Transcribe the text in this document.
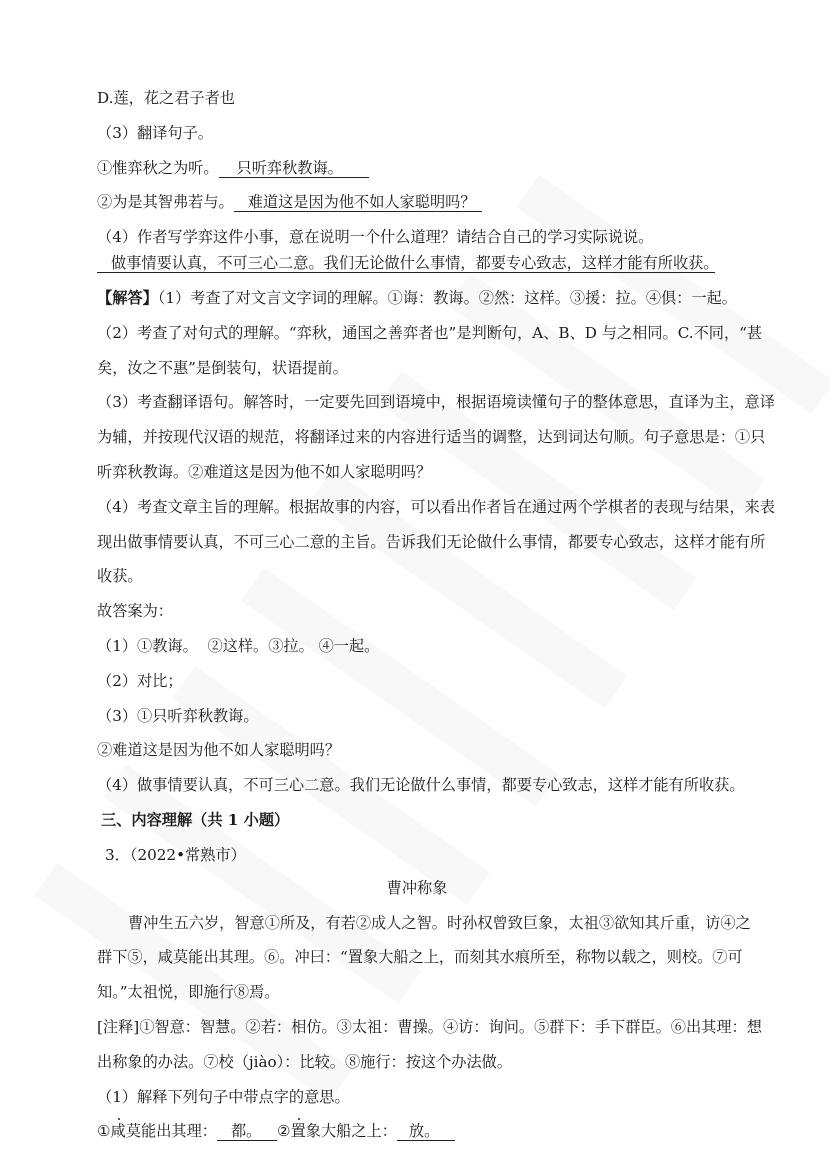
D.莲，花之君子者也
（3）翻译句子。
①惟弈秋之为听。 只听弈秋教诲。
②为是其智弗若与。 难道这是因为他不如人家聪明吗？
（4）作者写学弈这件小事，意在说明一个什么道理？请结合自己的学习实际说说。
做事情要认真，不可三心二意。我们无论做什么事情，都要专心致志，这样才能有所收获。
【解答】（1）考查了对文言文字词的理解。①诲：教诲。②然：这样。③援：拉。④俱：一起。
（2）考查了对句式的理解。“弈秋，通国之善弈者也”是判断句，A、B、D 与之相同。C.不同，“甚
矣，汝之不惠”是倒装句，状语提前。
（3）考查翻译语句。解答时，一定要先回到语境中，根据语境读懂句子的整体意思，直译为主，意译
为辅，并按现代汉语的规范，将翻译过来的内容进行适当的调整，达到词达句顺。句子意思是：①只
听弈秋教诲。②难道这是因为他不如人家聪明吗？
（4）考查文章主旨的理解。根据故事的内容，可以看出作者旨在通过两个学棋者的表现与结果，来表
现出做事情要认真，不可三心二意的主旨。告诉我们无论做什么事情，都要专心致志，这样才能有所
收获。
故答案为：
（1）①教诲。  ②这样。③拉。 ④一起。
（2）对比；
（3）①只听弈秋教诲。
②难道这是因为他不如人家聪明吗？
（4）做事情要认真，不可三心二意。我们无论做什么事情，都要专心致志，这样才能有所收获。
三、内容理解（共 1 小题）
3．（2022•常熟市）
曹冲称象
曹冲生五六岁，智意①所及，有若②成人之智。时孙权曾致巨象，太祖③欲知其斤重，访④之
群下⑤，咸莫能出其理。⑥。冲曰：“置象大船之上，而刻其水痕所至，称物以载之，则校。⑦可
知。”太祖悦，即施行⑧焉。
[注释]①智意：智慧。②若：相仿。③太祖：曹操。④访：询问。⑤群下：手下群臣。⑥出其理：想
出称象的办法。⑦校（jiào）：比较。⑧施行：按这个办法做。
（1）解释下列句子中带点字的意思。
①咸莫能出其理： 都。 ②置象大船之上： 放。
